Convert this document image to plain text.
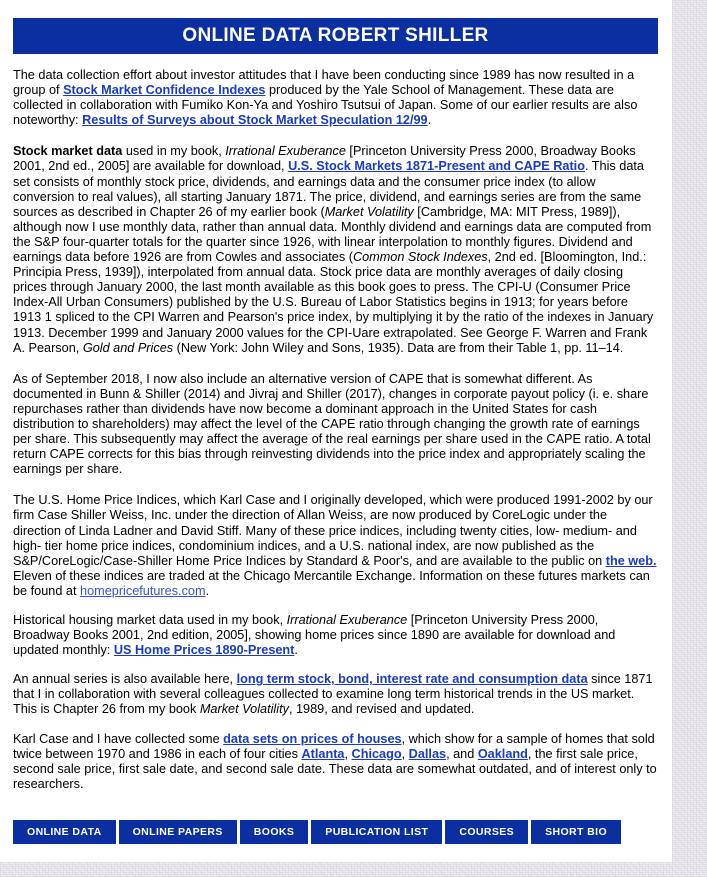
ONLINE DATA ROBERT SHILLER

The data collection effort about investor attitudes that I have been conducting since 1989 has now resulted in a group of Stock Market Confidence Indexes produced by the Yale School of Management. These data are collected in collaboration with Fumiko Kon-Ya and Yoshiro Tsutsui of Japan. Some of our earlier results are also noteworthy: Results of Surveys about Stock Market Speculation 12/99.

Stock market data used in my book, Irrational Exuberance [Princeton University Press 2000, Broadway Books 2001, 2nd ed., 2005] are available for download, U.S. Stock Markets 1871-Present and CAPE Ratio. This data set consists of monthly stock price, dividends, and earnings data and the consumer price index (to allow conversion to real values), all starting January 1871. The price, dividend, and earnings series are from the same sources as described in Chapter 26 of my earlier book (Market Volatility [Cambridge, MA: MIT Press, 1989]), although now I use monthly data, rather than annual data. Monthly dividend and earnings data are computed from the S&P four-quarter totals for the quarter since 1926, with linear interpolation to monthly figures. Dividend and earnings data before 1926 are from Cowles and associates (Common Stock Indexes, 2nd ed. [Bloomington, Ind.: Principia Press, 1939]), interpolated from annual data. Stock price data are monthly averages of daily closing prices through January 2000, the last month available as this book goes to press. The CPI-U (Consumer Price Index-All Urban Consumers) published by the U.S. Bureau of Labor Statistics begins in 1913; for years before 1913 1 spliced to the CPI Warren and Pearson's price index, by multiplying it by the ratio of the indexes in January 1913. December 1999 and January 2000 values for the CPI-Uare extrapolated. See George F. Warren and Frank A. Pearson, Gold and Prices (New York: John Wiley and Sons, 1935). Data are from their Table 1, pp. 11–14.

As of September 2018, I now also include an alternative version of CAPE that is somewhat different. As documented in Bunn & Shiller (2014) and Jivraj and Shiller (2017), changes in corporate payout policy (i. e. share repurchases rather than dividends have now become a dominant approach in the United States for cash distribution to shareholders) may affect the level of the CAPE ratio through changing the growth rate of earnings per share. This subsequently may affect the average of the real earnings per share used in the CAPE ratio. A total return CAPE corrects for this bias through reinvesting dividends into the price index and appropriately scaling the earnings per share.

The U.S. Home Price Indices, which Karl Case and I originally developed, which were produced 1991-2002 by our firm Case Shiller Weiss, Inc. under the direction of Allan Weiss, are now produced by CoreLogic under the direction of Linda Ladner and David Stiff. Many of these price indices, including twenty cities, low- medium- and high- tier home price indices, condominium indices, and a U.S. national index, are now published as the S&P/CoreLogic/Case-Shiller Home Price Indices by Standard & Poor's, and are available to the public on the web. Eleven of these indices are traded at the Chicago Mercantile Exchange. Information on these futures markets can be found at homepricefutures.com.

Historical housing market data used in my book, Irrational Exuberance [Princeton University Press 2000, Broadway Books 2001, 2nd edition, 2005], showing home prices since 1890 are available for download and updated monthly: US Home Prices 1890-Present.

An annual series is also available here, long term stock, bond, interest rate and consumption data since 1871 that I in collaboration with several colleagues collected to examine long term historical trends in the US market. This is Chapter 26 from my book Market Volatility, 1989, and revised and updated.

Karl Case and I have collected some data sets on prices of houses, which show for a sample of homes that sold twice between 1970 and 1986 in each of four cities Atlanta, Chicago, Dallas, and Oakland, the first sale price, second sale price, first sale date, and second sale date. These data are somewhat outdated, and of interest only to researchers.

ONLINE DATA	ONLINE PAPERS	BOOKS	PUBLICATION LIST	COURSES	SHORT BIO
